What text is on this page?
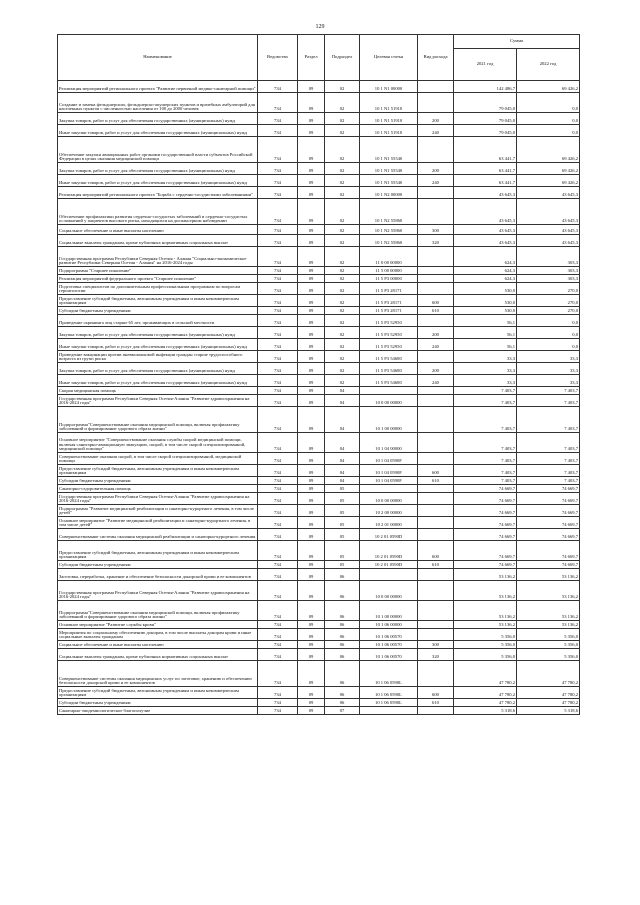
129
Наименование	Ведомство	Раздел	Подраздел	Целевая статья	Вид расхода	Сумма	
						2021 год	2022 год
Реализация мероприятий регионального проекта "Развитие первичной медико-санитарной помощи"	734	09	02	10 1 N1 00000		142 486,7	69 426,2
Создание и замена фельдшерских, фельдшерско-акушерских пунктов и врачебных амбулаторий для населенных пунктов с численностью населения от 100 до 2000 человек	734	09	02	10 1 N1 51910		79 045,0	0,0
Закупка товаров, работ и услуг для обеспечения государственных (муниципальных) нужд	734	09	02	10 1 N1 51910	200	79 045,0	0,0
Иные закупки товаров, работ и услуг для обеспечения государственных (муниципальных) нужд	734	09	02	10 1 N1 51910	240	79 045,0	0,0
Обеспечение закупки авиационных работ органами государственной власти субъектов Российской Федерации в целях оказания медицинской помощи	734	09	02	10 1 N1 55540		63 441,7	69 426,2
Закупка товаров, работ и услуг для обеспечения государственных (муниципальных) нужд	734	09	02	10 1 N1 55540	200	63 441,7	69 426,2
Иные закупки товаров, работ и услуг для обеспечения государственных (муниципальных) нужд	734	09	02	10 1 N1 55540	240	63 441,7	69 426,2
Реализация мероприятий регионального проекта "Борьба с сердечно-сосудистыми заболеваниями"	734	09	02	10 1 N2 00000		43 645,3	43 645,3
Обеспечение профилактики развития сердечно-сосудистых заболеваний и сердечно-сосудистых осложнений у пациентов высокого риска, находящихся на диспансерном наблюдении	734	09	02	10 1 N2 55860		43 645,3	43 645,3
Социальное обеспечение и иные выплаты населению	734	09	02	10 1 N2 55860	300	43 645,3	43 645,3
Социальные выплаты гражданам, кроме публичных нормативных социальных выплат	734	09	02	10 1 N2 55860	320	43 645,3	43 645,3
Государственная программа Республики Северная Осетия - Алания "Социально-экономическое развитие Республики Северная Осетия - Алания" на 2016-2024 годы	734	09	02	11 0 00 00000		624,3	303,3
Подпрограмма "Старшее поколение"	734	09	02	11 5 00 00000		624,3	303,3
Реализация мероприятий федерального проекта "Старшее поколение"	734	09	02	11 5 P3 00000		624,3	303,3
Подготовка специалистов по дополнительным профессиональным программам по вопросам геронтологии	734	09	02	11 5 P3 28171		530,0	270,0
Предоставление субсидий бюджетным, автономным учреждениям и иным некоммерческим организациям	734	09	02	11 5 P3 28171	600	530,0	270,0
Субсидии бюджетным учреждениям	734	09	02	11 5 P3 28171	610	530,0	270,0
Проведение скрининга лиц старше 65 лет, проживающих в сельской местности	734	09	02	11 5 P3 52950		56,1	0,0
Закупка товаров, работ и услуг для обеспечения государственных (муниципальных) нужд	734	09	02	11 5 P3 52950	200	56,1	0,0
Иные закупки товаров, работ и услуг для обеспечения государственных (муниципальных) нужд	734	09	02	11 5 P3 52950	240	56,1	0,0
Проведение вакцинации против пневмококковой инфекции граждан старше трудоспособного возраста из групп риска	734	09	02	11 5 P3 54680		33,3	33,3
Закупка товаров, работ и услуг для обеспечения государственных (муниципальных) нужд	734	09	02	11 5 P3 54680	200	33,3	33,3
Иные закупки товаров, работ и услуг для обеспечения государственных (муниципальных) нужд	734	09	02	11 5 P3 54680	240	33,3	33,3
Скорая медицинская помощь	734	09	04			7 403,7	7 403,7
Государственная программа Республики Северная Осетия-Алания "Развитие здравоохранения на 2016-2024 годы"	734	09	04	10 0 00 00000		7 403,7	7 403,7
Подпрограмма"Совершенствование оказания медицинской помощи, включая профилактику заболеваний и формирование здорового образа жизни"	734	09	04	10 1 00 00000		7 403,7	7 403,7
Основное мероприятие "Совершенствование оказания службы скорой медицинской помощи, включая санитарно-авиационную эвакуацию, скорой, в том числе скорой специализированной, медицинской помощи"	734	09	04	10 1 04 00000		7 403,7	7 403,7
Совершенствование оказания скорой, в том числе скорой специализированной, медицинской помощи	734	09	04	10 1 04 0590F		7 403,7	7 403,7
Предоставление субсидий бюджетным, автономным учреждениям и иным некоммерческим организациям	734	09	04	10 1 04 0590F	600	7 403,7	7 403,7
Субсидии бюджетным учреждениям	734	09	04	10 1 04 0590F	610	7 403,7	7 403,7
Санаторно-оздоровительная помощь	734	09	05			74 669,7	74 669,7
Государственная программа Республики Северная Осетия-Алания "Развитие здравоохранения на 2016-2024 годы"	734	09	05	10 0 00 00000		74 669,7	74 669,7
Подпрограмма "Развитие медицинской реабилитации и санаторно-курортного лечения, в том числе детей"	734	09	05	10 2 00 00000		74 669,7	74 669,7
Основное мероприятие "Развитие медицинской реабилитации и санаторно-курортного лечения, в том числе детей"	734	09	05	10 2 01 00000		74 669,7	74 669,7
Совершенствование системы оказания медицинской реабилитации и санаторно-курортного лечения	734	09	05	10 2 01 0590D		74 669,7	74 669,7
Предоставление субсидий бюджетным, автономным учреждениям и иным некоммерческим организациям	734	09	05	10 2 01 0590D	600	74 669,7	74 669,7
Субсидии бюджетным учреждениям	734	09	05	10 2 01 0590D	610	74 669,7	74 669,7
Заготовка, переработка, хранение и обеспечение безопасности донорской крови и ее компонентов	734	09	06			53 136,2	53 136,2
Государственная программа Республики Северная Осетия-Алания "Развитие здравоохранения на 2016-2024 годы"	734	09	06	10 0 00 00000		53 136,2	53 136,2
Подпрограмма"Совершенствование оказания медицинской помощи, включая профилактику заболеваний и формирование здорового образа жизни"	734	09	06	10 1 00 00000		53 136,2	53 136,2
Основное мероприятие "Развитие службы крови"	734	09	06	10 1 06 00000		53 136,2	53 136,2
Мероприятия по социальному обеспечению донорам, в том числе выплаты донорам крови и иные социальные выплаты гражданам	734	09	06	10 1 06 00570		5 356,0	5 356,0
Социальное обеспечение и иные выплаты населению	734	09	06	10 1 06 00570	300	5 356,0	5 356,0
Социальные выплаты гражданам, кроме публичных нормативных социальных выплат	734	09	06	10 1 06 00570	320	5 356,0	5 356,0
Совершенствование системы оказания медицинских услуг по заготовке, хранению и обеспечению безопасности донорской крови и ее компонентов	734	09	06	10 1 06 0590L		47 780,2	47 780,2
Предоставление субсидий бюджетным, автономным учреждениям и иным некоммерческим организациям	734	09	06	10 1 06 0590L	600	47 780,2	47 780,2
Субсидии бюджетным учреждениям	734	09	06	10 1 06 0590L	610	47 780,2	47 780,2
Санитарно-эпидемиологическое благополучие	734	09	07			5 318,6	5 318,6
